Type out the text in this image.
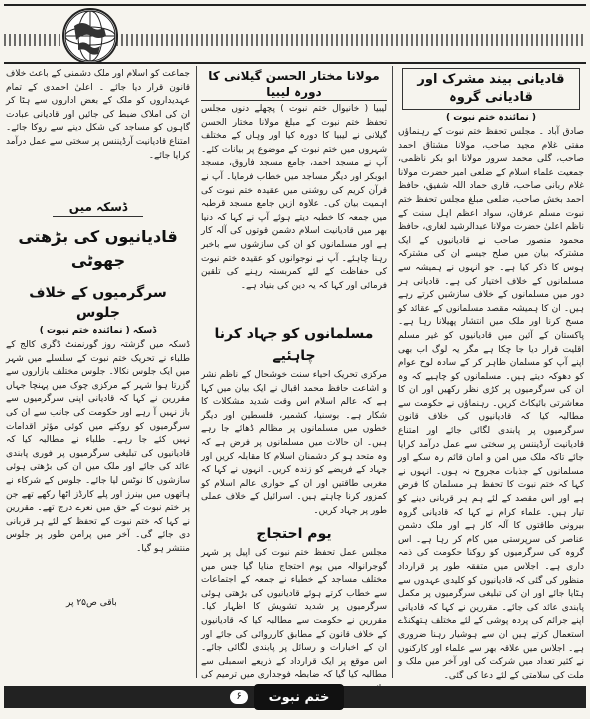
قادیانی بیند مشرک اور قادیانی گروہ
( نمائندہ ختم نبوت )

صادق آباد ۔ مجلس تحفظ ختم نبوت کے رہنماؤں مفتی غلام مجید صاحب، مولانا مشتاق احمد صاحب، گلی محمد سرور مولانا ابو بکر ناظمی، جمعیت علماء اسلام کے ضلعی امیر حضرت مولانا غلام ربانی صاحب، قاری حماد اللہ شفیق، حافظ احمد بخش صاحب، ضلعی مبلغ مجلس تحفظ ختم نبوت مسلم عرفان، سواد اعظم اہل سنت کے ناظم اعلیٰ حضرت مولانا عبدالرشید لغاری، حافظ محمود منصور صاحب نے قادیانیوں کے ایک مشترکہ بیان میں صلح جیسے ان کی مشترکہ ہوس کا ذکر کیا ہے۔ جو انہوں نے ہمیشہ سے مسلمانوں کے خلاف اختیار کی ہے۔ قادیانی ہر دور میں مسلمانوں کے خلاف سازشیں کرتے رہے ہیں۔ ان کا ہمیشہ مقصد مسلمانوں کے عقائد کو مسخ کرنا اور ملک میں انتشار پھیلانا رہا ہے۔ پاکستان کے آئین میں قادیانیوں کو غیر مسلم اقلیت قرار دیا جا چکا ہے مگر یہ لوگ اب بھی اپنے آپ کو مسلمان ظاہر کر کے سادہ لوح عوام کو دھوکہ دیتے ہیں۔ مسلمانوں کو چاہیے کہ وہ ان کی سرگرمیوں پر کڑی نظر رکھیں اور ان کا معاشرتی بائیکاٹ کریں۔ رہنماؤں نے حکومت سے مطالبہ کیا کہ قادیانیوں کی خلاف قانون سرگرمیوں پر پابندی لگائی جائے اور امتناع قادیانیت آرڈیننس پر سختی سے عمل درآمد کرایا جائے تاکہ ملک میں امن و امان قائم رہ سکے اور مسلمانوں کے جذبات مجروح نہ ہوں۔ انہوں نے کہا کہ ختم نبوت کا تحفظ ہر مسلمان کا فرض ہے اور اس مقصد کے لئے ہم ہر قربانی دینے کو تیار ہیں۔ علماء کرام نے کہا کہ قادیانی گروہ بیرونی طاقتوں کا آلہ کار ہے اور ملک دشمن عناصر کی سرپرستی میں کام کر رہا ہے۔ اس گروہ کی سرگرمیوں کو روکنا حکومت کی ذمہ داری ہے۔ اجلاس میں متفقہ طور پر قرارداد منظور کی گئی کہ قادیانیوں کو کلیدی عہدوں سے ہٹایا جائے اور ان کی تبلیغی سرگرمیوں پر مکمل پابندی عائد کی جائے۔ مقررین نے کہا کہ قادیانی اپنے جرائم کی پردہ پوشی کے لئے مختلف ہتھکنڈے استعمال کرتے ہیں ان سے ہوشیار رہنا ضروری ہے۔ اجلاس میں علاقہ بھر سے علماء اور کارکنوں نے کثیر تعداد میں شرکت کی اور آخر میں ملک و ملت کی سلامتی کے لئے دعا کی گئی۔

مولانا مختار الحسن گیلانی کا دورہ لیبیا

لیبیا ( خانیوال ختم نبوت ) پچھلے دنوں مجلس تحفظ ختم نبوت کے مبلغ مولانا مختار الحسن گیلانی نے لیبیا کا دورہ کیا اور وہاں کے مختلف شہروں میں ختم نبوت کے موضوع پر بیانات کئے۔ آپ نے مسجد احمد، جامع مسجد فاروق، مسجد ابوبکر اور دیگر مساجد میں خطاب فرمایا۔ آپ نے قرآن کریم کی روشنی میں عقیدہ ختم نبوت کی اہمیت بیان کی۔ علاوہ ازیں جامع مسجد قرطبہ میں جمعہ کا خطبہ دیتے ہوئے آپ نے کہا کہ دنیا بھر میں قادیانیت اسلام دشمن قوتوں کی آلہ کار ہے اور مسلمانوں کو ان کی سازشوں سے باخبر رہنا چاہئے۔ آپ نے نوجوانوں کو عقیدہ ختم نبوت کی حفاظت کے لئے کمربستہ رہنے کی تلقین فرمائی اور کہا کہ یہ دین کی بنیاد ہے۔

مسلمانوں کو جہاد کرنا چاہئیے

مرکزی تحریک احیاء سنت خوشحال کے ناظم نشر و اشاعت حافظ محمد اقبال نے ایک بیان میں کہا ہے کہ عالم اسلام اس وقت شدید مشکلات کا شکار ہے۔ بوسنیا، کشمیر، فلسطین اور دیگر خطوں میں مسلمانوں پر مظالم ڈھائے جا رہے ہیں۔ ان حالات میں مسلمانوں پر فرض ہے کہ وہ متحد ہو کر دشمنان اسلام کا مقابلہ کریں اور جہاد کے فریضے کو زندہ کریں۔ انہوں نے کہا کہ مغربی طاقتیں اور ان کے حواری عالم اسلام کو کمزور کرنا چاہتے ہیں۔ اسرائیل کے خلاف عملی طور پر جہاد کریں۔

یوم احتجاج

مجلس عمل تحفظ ختم نبوت کی اپیل پر شہر گوجرانوالہ میں یوم احتجاج منایا گیا جس میں مختلف مساجد کے خطباء نے جمعہ کے اجتماعات سے خطاب کرتے ہوئے قادیانیوں کی بڑھتی ہوئی سرگرمیوں پر شدید تشویش کا اظہار کیا۔ مقررین نے حکومت سے مطالبہ کیا کہ قادیانیوں کے خلاف قانون کے مطابق کارروائی کی جائے اور ان کے اخبارات و رسائل پر پابندی لگائی جائے۔ اس موقع پر ایک قرارداد کے ذریعے اسمبلی سے مطالبہ کیا گیا کہ ضابطہ فوجداری میں ترمیم کی

جماعت کو اسلام اور ملک دشمنی کے باعث خلاف قانون قرار دیا جائے ۔ اعلیٰ احمدی کے تمام عہدیداروں کو ملک کے بعض اداروں سے ہٹا کر ان کی املاک ضبط کی جائیں اور قادیانی عبادت گاہوں کو مساجد کی شکل دینے سے روکا جائے۔ امتناع قادیانیت آرڈیننس پر سختی سے عمل درآمد کرایا جائے۔

ڈسکہ میں
قادیانیوں کی بڑھتی جھوٹی
سرگرمیوں کے خلاف جلوس
ڈسکہ ( نمائندہ ختم نبوت )

ڈسکہ میں گزشتہ روز گورنمنٹ ڈگری کالج کے طلباء نے تحریک ختم نبوت کے سلسلے میں شہر میں ایک جلوس نکالا۔ جلوس مختلف بازاروں سے گزرتا ہوا شہر کے مرکزی چوک میں پہنچا جہاں مقررین نے کہا کہ قادیانی اپنی سرگرمیوں سے باز نہیں آ رہے اور حکومت کی جانب سے ان کی سرگرمیوں کو روکنے میں کوئی مؤثر اقدامات نہیں کئے جا رہے۔ طلباء نے مطالبہ کیا کہ قادیانیوں کی تبلیغی سرگرمیوں پر فوری پابندی عائد کی جائے اور ملک میں ان کی بڑھتی ہوئی سازشوں کا نوٹس لیا جائے۔ جلوس کے شرکاء نے ہاتھوں میں بینرز اور پلے کارڈز اٹھا رکھے تھے جن پر ختم نبوت کے حق میں نعرے درج تھے۔ مقررین نے کہا کہ ختم نبوت کے تحفظ کے لئے ہر قربانی دی جائے گی۔ آخر میں پرامن طور پر جلوس منتشر ہو گیا۔

باقی ص۲۵ پر
۶	ختم نبوت
